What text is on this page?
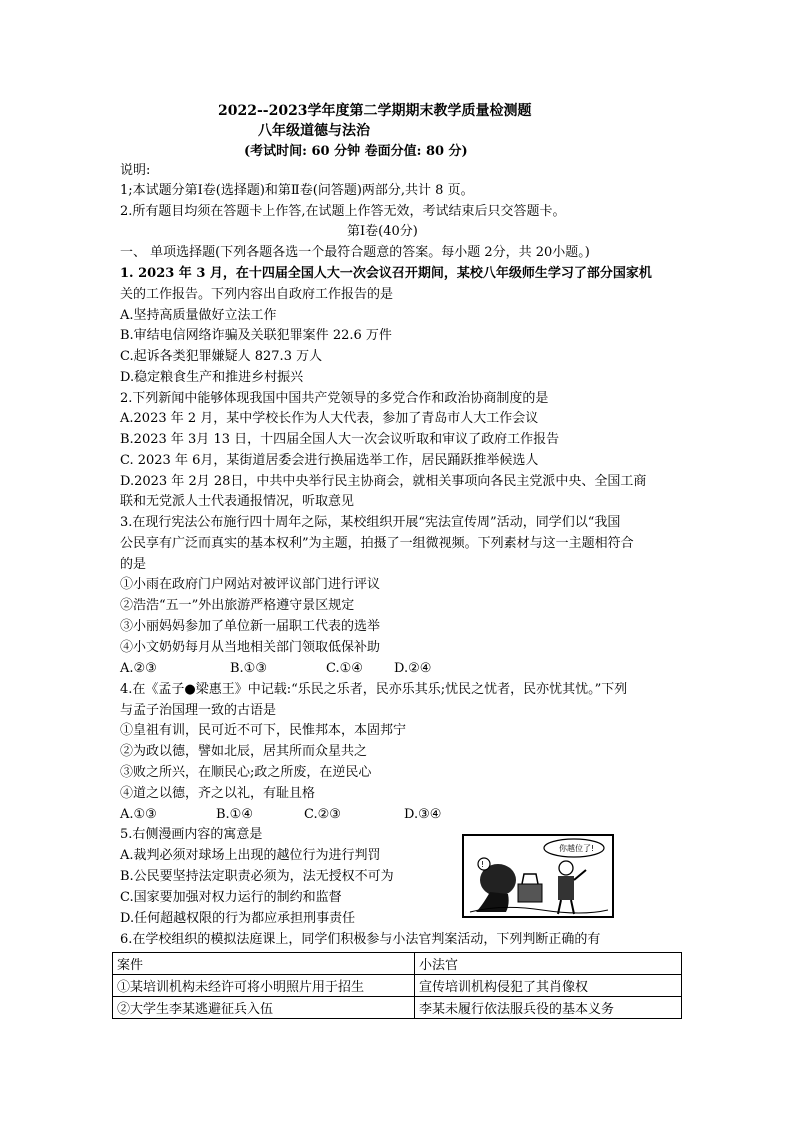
2022--2023学年度第二学期期末教学质量检测题
八年级道德与法治
(考试时间: 60 分钟 卷面分值: 80 分)
说明:
1;本试题分第Ⅰ卷(选择题)和第Ⅱ卷(问答题)两部分,共计 8 页。
2.所有题目均须在答题卡上作答,在试题上作答无效，考试结束后只交答题卡。
第Ⅰ卷(40分)
一、 单项选择题(下列各题各选一个最符合题意的答案。每小题 2分，共 20小题。)
1. 2023 年 3 月，在十四届全国人大一次会议召开期间，某校八年级师生学习了部分国家机
关的工作报告。下列内容出自政府工作报告的是
A.坚持高质量做好立法工作
B.审结电信网络诈骗及关联犯罪案件 22.6 万件
C.起诉各类犯罪嫌疑人 827.3 万人
D.稳定粮食生产和推进乡村振兴
2.下列新闻中能够体现我国中国共产党领导的多党合作和政治协商制度的是
A.2023 年 2 月，某中学校长作为人大代表，参加了青岛市人大工作会议
B.2023 年 3月 13 日，十四届全国人大一次会议听取和审议了政府工作报告
C. 2023 年 6月，某街道居委会进行换届选举工作，居民踊跃推举候选人
D.2023 年 2月 28日，中共中央举行民主协商会，就相关事项向各民主党派中央、全国工商
联和无党派人士代表通报情况，听取意见
3.在现行宪法公布施行四十周年之际，某校组织开展“宪法宣传周”活动，同学们以“我国
公民享有广泛而真实的基本权利”为主题，拍摄了一组微视频。下列素材与这一主题相符合
的是
①小雨在政府门户网站对被评议部门进行评议
②浩浩“五一”外出旅游严格遵守景区规定
③小丽妈妈参加了单位新一届职工代表的选举
④小文奶奶每月从当地相关部门领取低保补助
A.②③	B.①③	C.①④ D.②④
4.在《孟子●梁惠王》中记载:“乐民之乐者，民亦乐其乐;忧民之忧者，民亦忧其忧。”下列
与孟子治国理一致的古语是
①皇祖有训，民可近不可下，民惟邦本，本固邦宁
②为政以德，譬如北辰，居其所而众星共之
③败之所兴，在顺民心;政之所废，在逆民心
④道之以德，齐之以礼，有耻且格
A.①③	B.①④	C.②③	D.③④
5.右侧漫画内容的寓意是
A.裁判必须对球场上出现的越位行为进行判罚
B.公民要坚持法定职责必须为，法无授权不可为
C.国家要加强对权力运行的制约和监督
D.任何超越权限的行为都应承担刑事责任
你越位了!
!
6.在学校组织的模拟法庭课上，同学们积极参与小法官判案活动，下列判断正确的有
案件	小法官
①某培训机构未经许可将小明照片用于招生	宣传培训机构侵犯了其肖像权
②大学生李某逃避征兵入伍	李某未履行依法服兵役的基本义务
